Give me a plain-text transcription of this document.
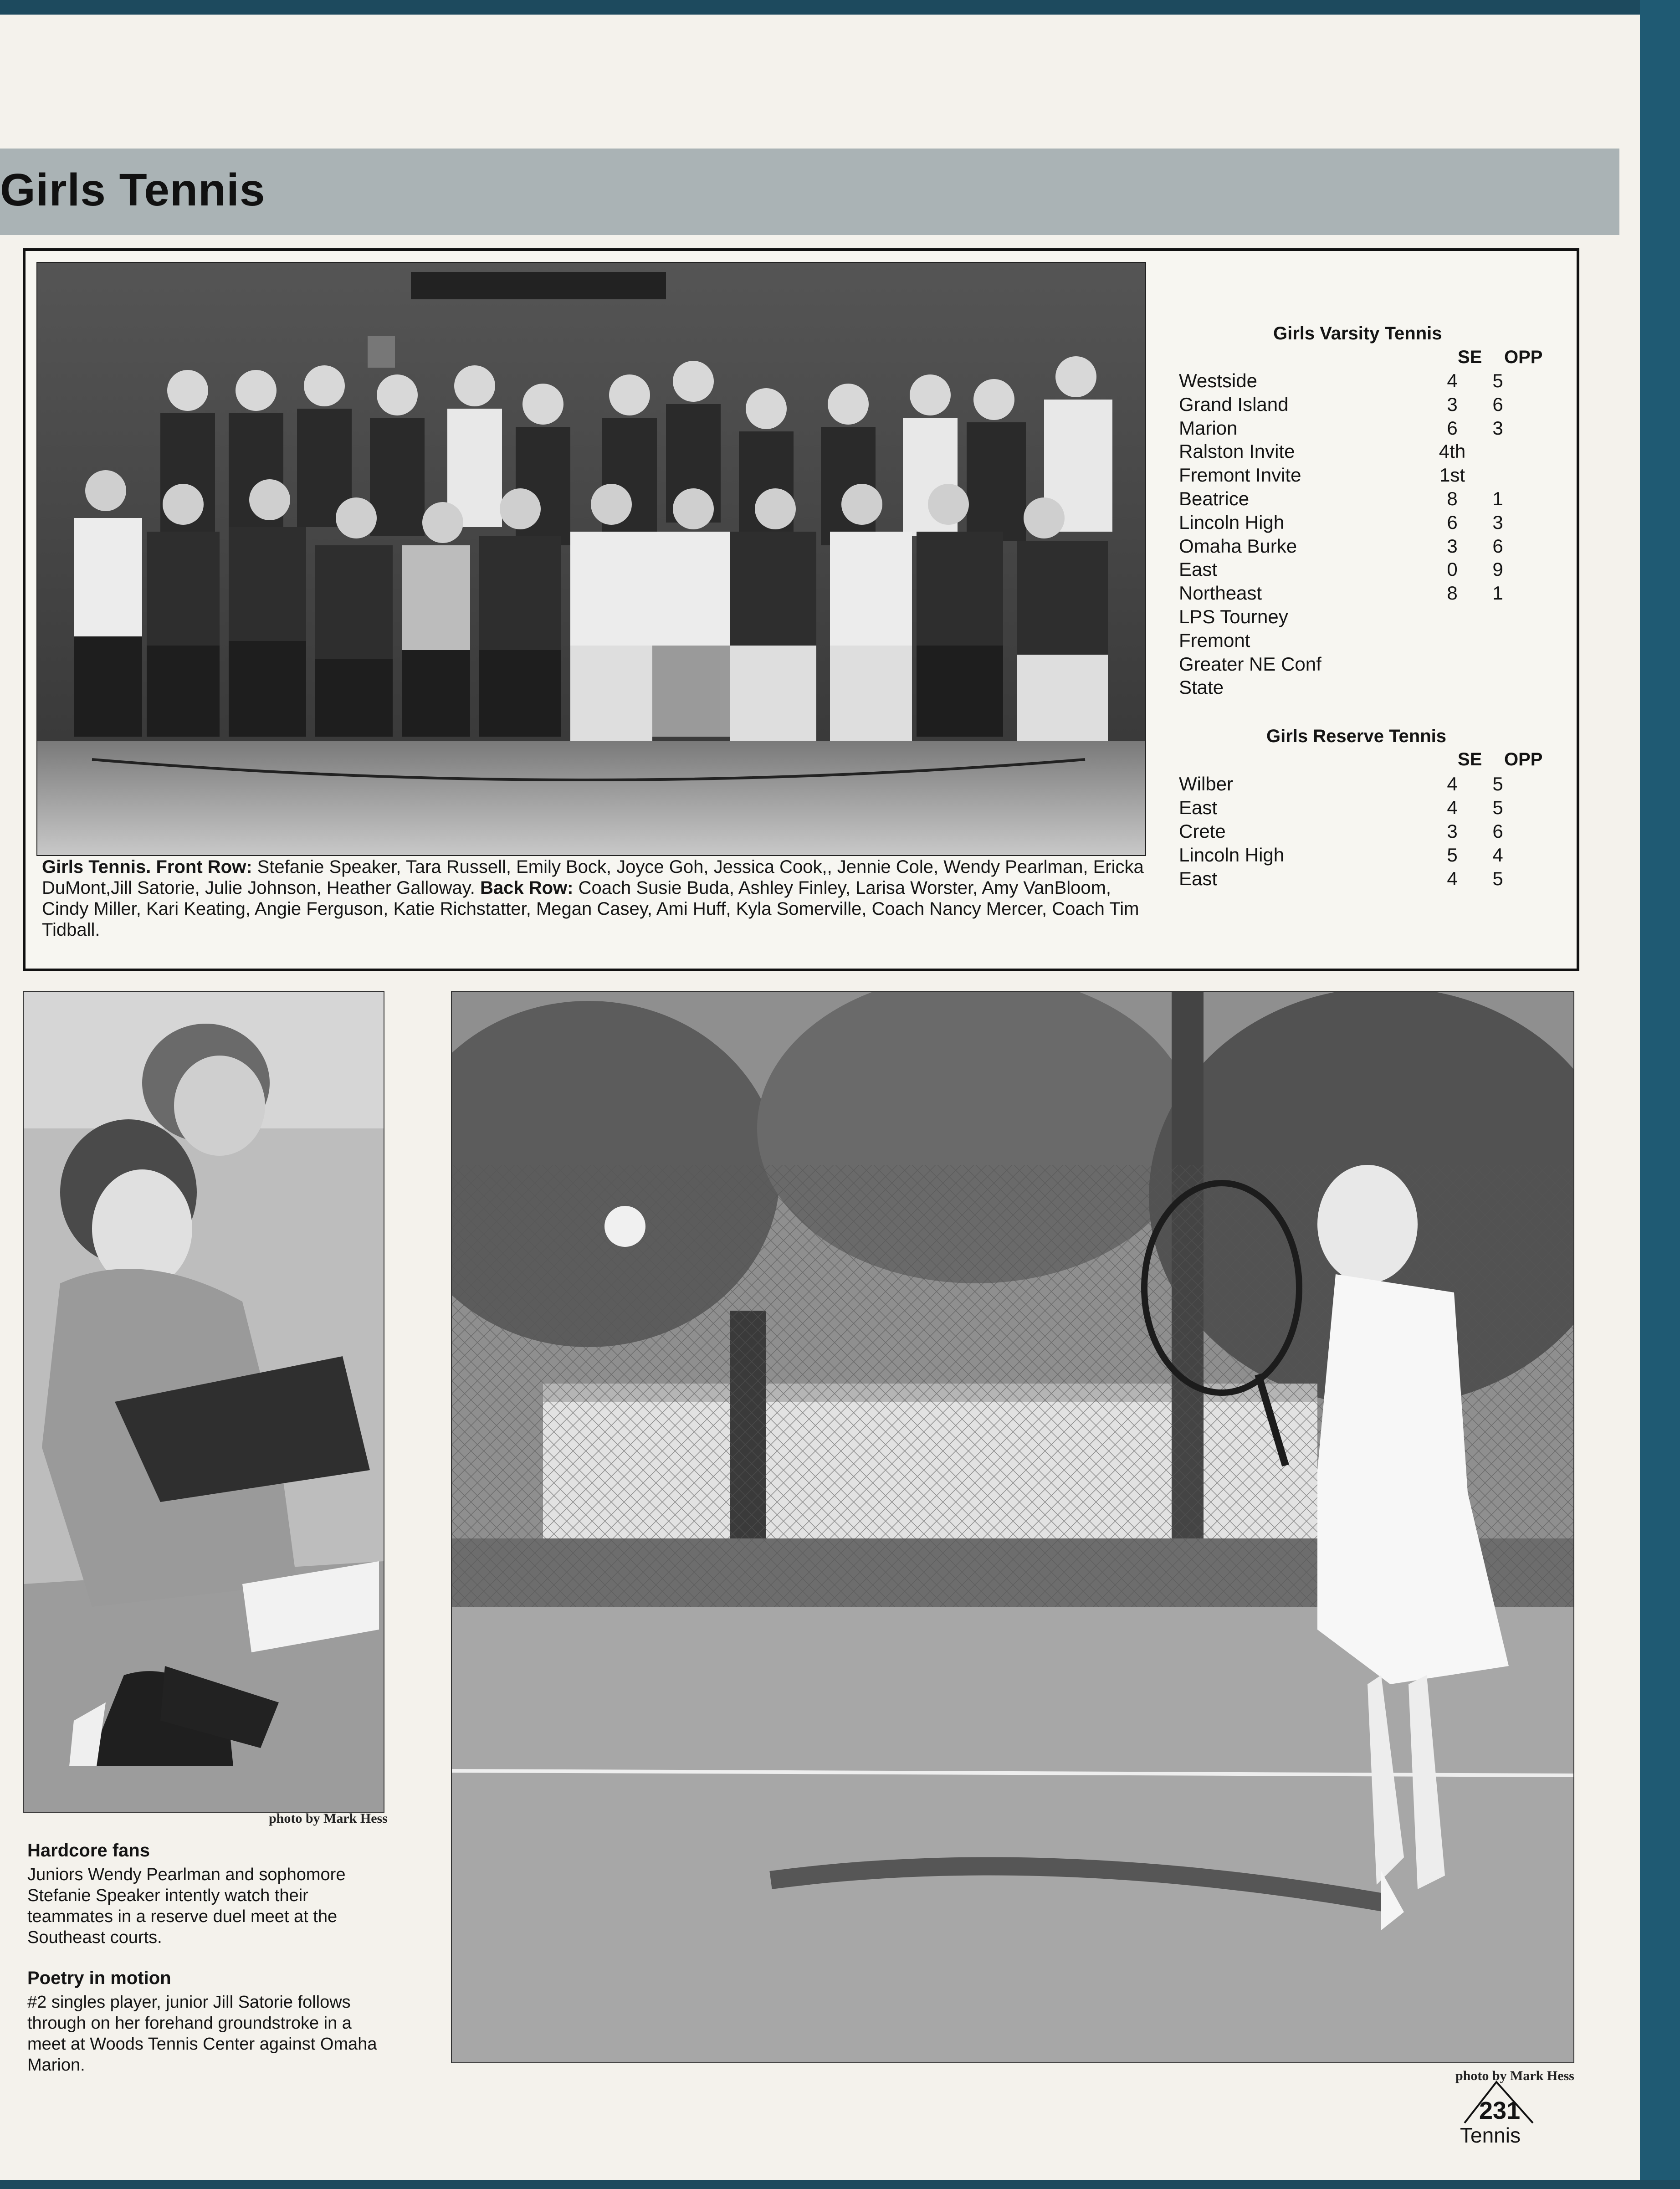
Girls Tennis
Girls Tennis. Front Row: Stefanie Speaker, Tara Russell, Emily Bock, Joyce Goh, Jessica Cook,, Jennie Cole, Wendy Pearlman, Ericka DuMont,Jill Satorie, Julie Johnson, Heather Galloway. Back Row: Coach Susie Buda, Ashley Finley, Larisa Worster, Amy VanBloom, Cindy Miller, Kari Keating, Angie Ferguson, Katie Richstatter, Megan Casey, Ami Huff, Kyla Somerville, Coach Nancy Mercer, Coach Tim Tidball.
Girls Varsity Tennis
SE OPP
Westside	4	5
Grand Island	3	6
Marion	6	3
Ralston Invite	4th
Fremont Invite	1st
Beatrice	8	1
Lincoln High	6	3
Omaha Burke	3	6
East	0	9
Northeast	8	1
LPS Tourney
Fremont
Greater NE Conf
State
Girls Reserve Tennis
SE OPP
Wilber	4	5
East	4	5
Crete	3	6
Lincoln High	5	4
East	4	5
photo by Mark Hess
Hardcore fans
Juniors Wendy Pearlman and sophomore Stefanie Speaker intently watch their teammates in a reserve duel meet at the Southeast courts.
Poetry in motion
#2 singles player, junior Jill Satorie follows through on her forehand groundstroke in a meet at Woods Tennis Center against Omaha Marion.
photo by Mark Hess
231
Tennis
